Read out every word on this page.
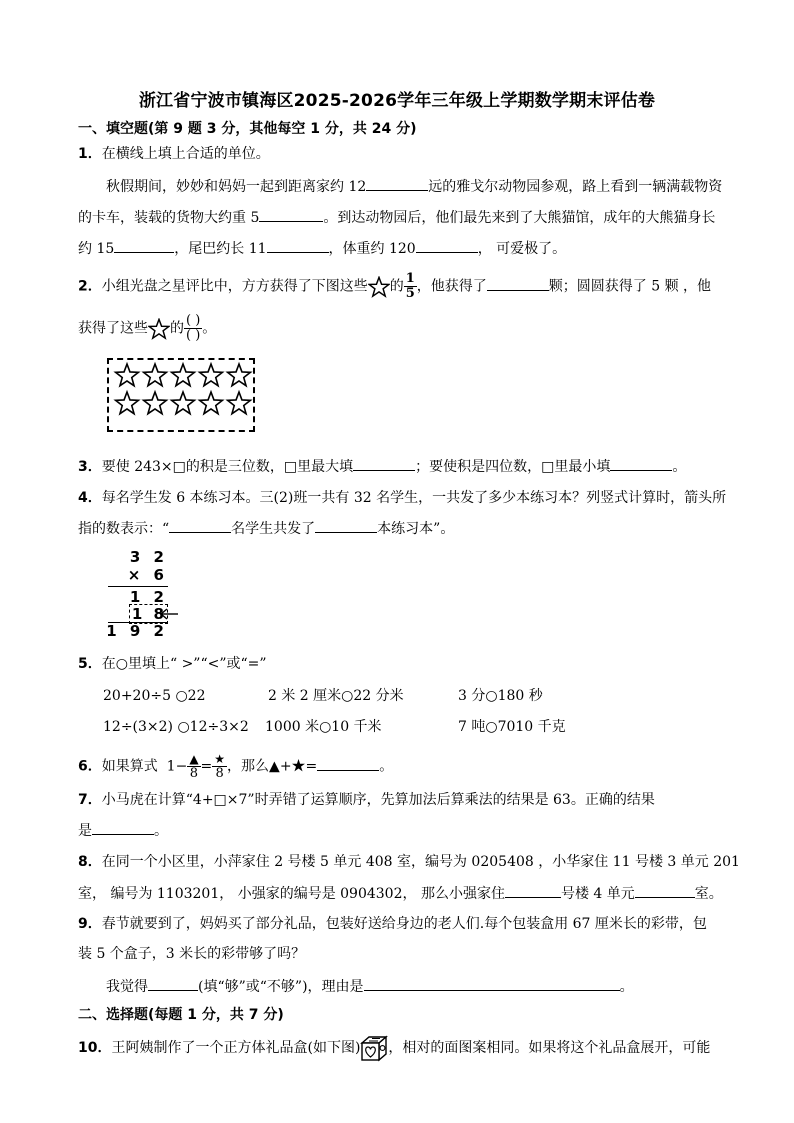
浙江省宁波市镇海区2025-2026学年三年级上学期数学期末评估卷
一、填空题(第 9 题 3 分，其他每空 1 分，共 24 分)
1．在横线上填上合适的单位。
秋假期间，妙妙和妈妈一起到距离家约 12	远的雅戈尔动物园参观，路上看到一辆满载物资
的卡车，装载的货物大约重 5	。到达动物园后，他们最先来到了大熊猫馆，成年的大熊猫身长
约 15	，尾巴约长 11	，体重约 120	， 可爱极了。
2．小组光盘之星评比中，方方获得了下图这些 的 $\frac{1}{5}$ ，他获得了	颗；圆圆获得了 5 颗 ，他
获得了这些 的 $\frac{( )}{( )}$ 。
3．要使 243×□的积是三位数，□里最大填	；要使积是四位数，□里最小填	。
4．每名学生发 6 本练习本。三(2)班一共有 32 名学生，一共发了多少本练习本？列竖式计算时，箭头所
指的数表示：“	名学生共发了	本练习本”。
3 2
× 6
1 2
1 8
1 9 2
5．在○里填上“ >”“<”或“=”
20+20÷5 ○22	2 米 2 厘米○22 分米	3 分○180 秒
12÷(3×2) ○12÷3×2 1000 米○10 千米	7 吨○7010 千克
6．如果算式 $1- \frac{▲}{8} = \frac{★}{8}$ ，那么▲+★=	。
7．小马虎在计算“4+□×7”时弄错了运算顺序，先算加法后算乘法的结果是 63。正确的结果
是	。
8．在同一个小区里，小萍家住 2 号楼 5 单元 408 室，编号为 0205408 ，小华家住 11 号楼 3 单元 201
室， 编号为 1103201， 小强家的编号是 0904302， 那么小强家住	号楼 4 单元	室。
9．春节就要到了，妈妈买了部分礼品，包装好送给身边的老人们.每个包装盒用 67 厘米长的彩带，包
装 5 个盒子，3 米长的彩带够了吗？
我觉得	(填“够”或“不够”)，理由是	。
二、选择题(每题 1 分，共 7 分)
10．王阿姨制作了一个正方体礼品盒(如下图) ，相对的面图案相同。如果将这个礼品盒展开，可能
